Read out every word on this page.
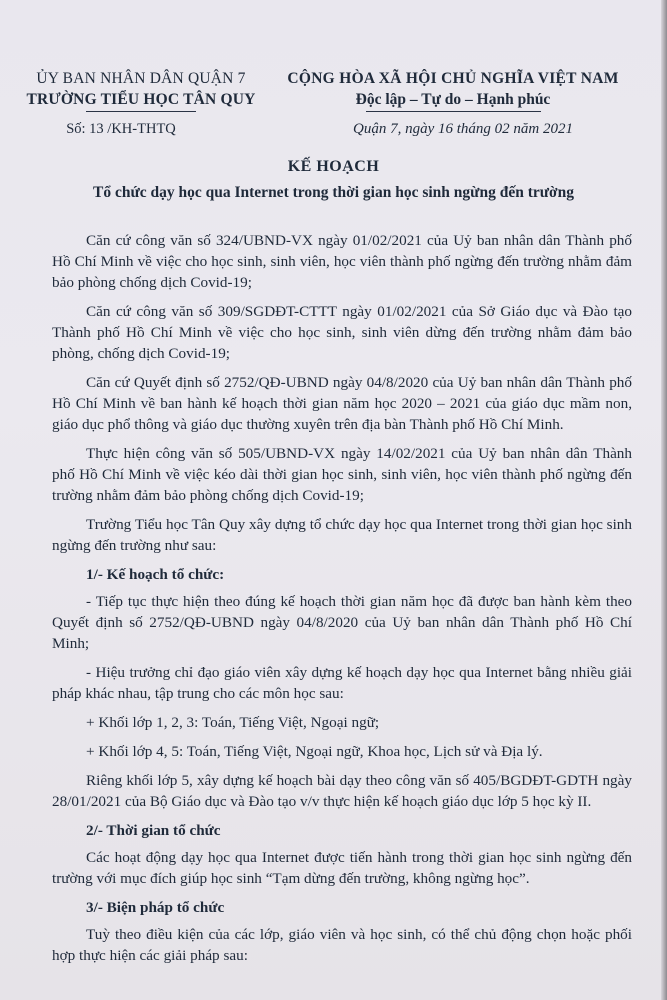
ỦY BAN NHÂN DÂN QUẬN 7
TRƯỜNG TIỂU HỌC TÂN QUY
Số: 13 /KH-THTQ
CỘNG HÒA XÃ HỘI CHỦ NGHĨA VIỆT NAM
Độc lập – Tự do – Hạnh phúc
Quận 7, ngày 16 tháng 02 năm 2021
KẾ HOẠCH
Tổ chức dạy học qua Internet trong thời gian học sinh ngừng đến trường

Căn cứ công văn số 324/UBND-VX ngày 01/02/2021 của Uỷ ban nhân dân Thành phố Hồ Chí Minh về việc cho học sinh, sinh viên, học viên thành phố ngừng đến trường nhằm đảm bảo phòng chống dịch Covid-19;

Căn cứ công văn số 309/SGDĐT-CTTT ngày 01/02/2021 của Sở Giáo dục và Đào tạo Thành phố Hồ Chí Minh về việc cho học sinh, sinh viên dừng đến trường nhằm đảm bảo phòng, chống dịch Covid-19;

Căn cứ Quyết định số 2752/QĐ-UBND ngày 04/8/2020 của Uỷ ban nhân dân Thành phố Hồ Chí Minh về ban hành kế hoạch thời gian năm học 2020 – 2021 của giáo dục mầm non, giáo dục phổ thông và giáo dục thường xuyên trên địa bàn Thành phố Hồ Chí Minh.

Thực hiện công văn số 505/UBND-VX ngày 14/02/2021 của Uỷ ban nhân dân Thành phố Hồ Chí Minh về việc kéo dài thời gian học sinh, sinh viên, học viên thành phố ngừng đến trường nhằm đảm bảo phòng chống dịch Covid-19;

Trường Tiểu học Tân Quy xây dựng tổ chức dạy học qua Internet trong thời gian học sinh ngừng đến trường như sau:

1/- Kế hoạch tổ chức:

- Tiếp tục thực hiện theo đúng kế hoạch thời gian năm học đã được ban hành kèm theo Quyết định số 2752/QĐ-UBND ngày 04/8/2020 của Uỷ ban nhân dân Thành phố Hồ Chí Minh;

- Hiệu trưởng chỉ đạo giáo viên xây dựng kế hoạch dạy học qua Internet bằng nhiều giải pháp khác nhau, tập trung cho các môn học sau:

+ Khối lớp 1, 2, 3: Toán, Tiếng Việt, Ngoại ngữ;
+ Khối lớp 4, 5: Toán, Tiếng Việt, Ngoại ngữ, Khoa học, Lịch sử và Địa lý.

Riêng khối lớp 5, xây dựng kế hoạch bài dạy theo công văn số 405/BGDĐT-GDTH ngày 28/01/2021 của Bộ Giáo dục và Đào tạo v/v thực hiện kế hoạch giáo dục lớp 5 học kỳ II.

2/- Thời gian tổ chức

Các hoạt động dạy học qua Internet được tiến hành trong thời gian học sinh ngừng đến trường với mục đích giúp học sinh “Tạm dừng đến trường, không ngừng học”.

3/- Biện pháp tổ chức

Tuỳ theo điều kiện của các lớp, giáo viên và học sinh, có thể chủ động chọn hoặc phối hợp thực hiện các giải pháp sau:
